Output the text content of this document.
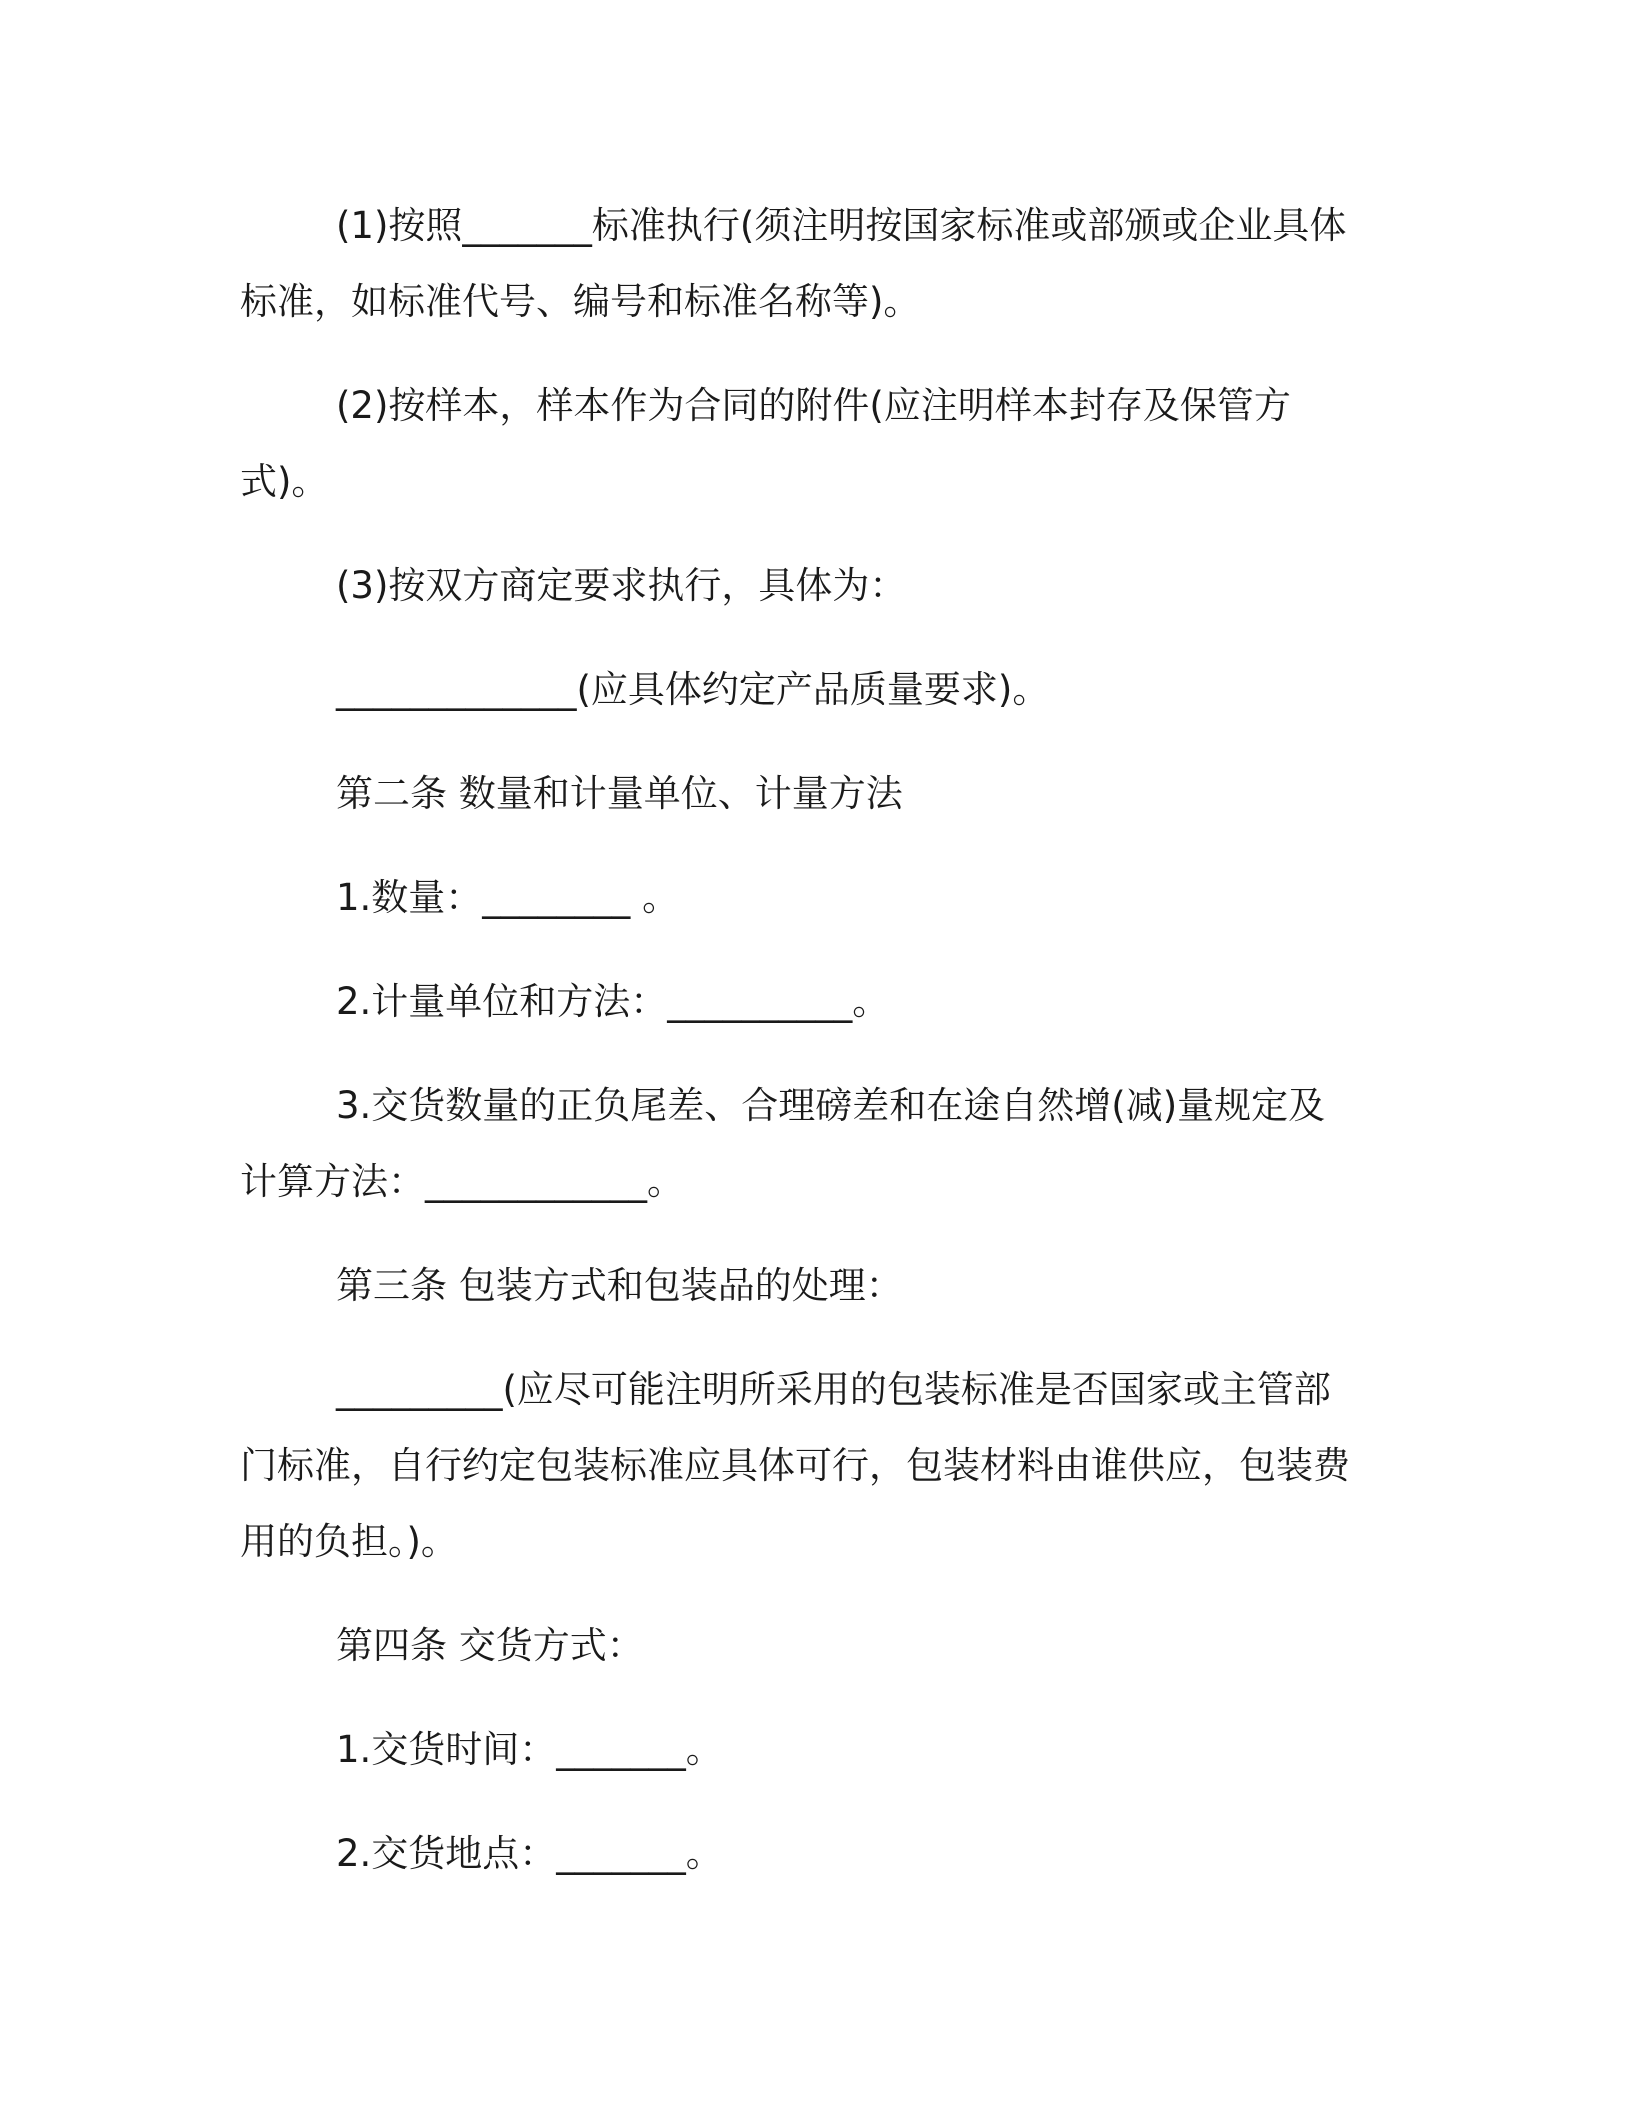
(1)按照_______标准执行(须注明按国家标准或部颁或企业具体标准，如标准代号、编号和标准名称等)。

(2)按样本，样本作为合同的附件(应注明样本封存及保管方式)。

(3)按双方商定要求执行，具体为：

_____________(应具体约定产品质量要求)。

第二条 数量和计量单位、计量方法

1.数量：________ 。

2.计量单位和方法：__________。

3.交货数量的正负尾差、合理磅差和在途自然增(减)量规定及计算方法：____________。

第三条 包装方式和包装品的处理：

_________(应尽可能注明所采用的包装标准是否国家或主管部门标准，自行约定包装标准应具体可行，包装材料由谁供应，包装费用的负担。)。

第四条 交货方式：

1.交货时间：_______。

2.交货地点：_______。
